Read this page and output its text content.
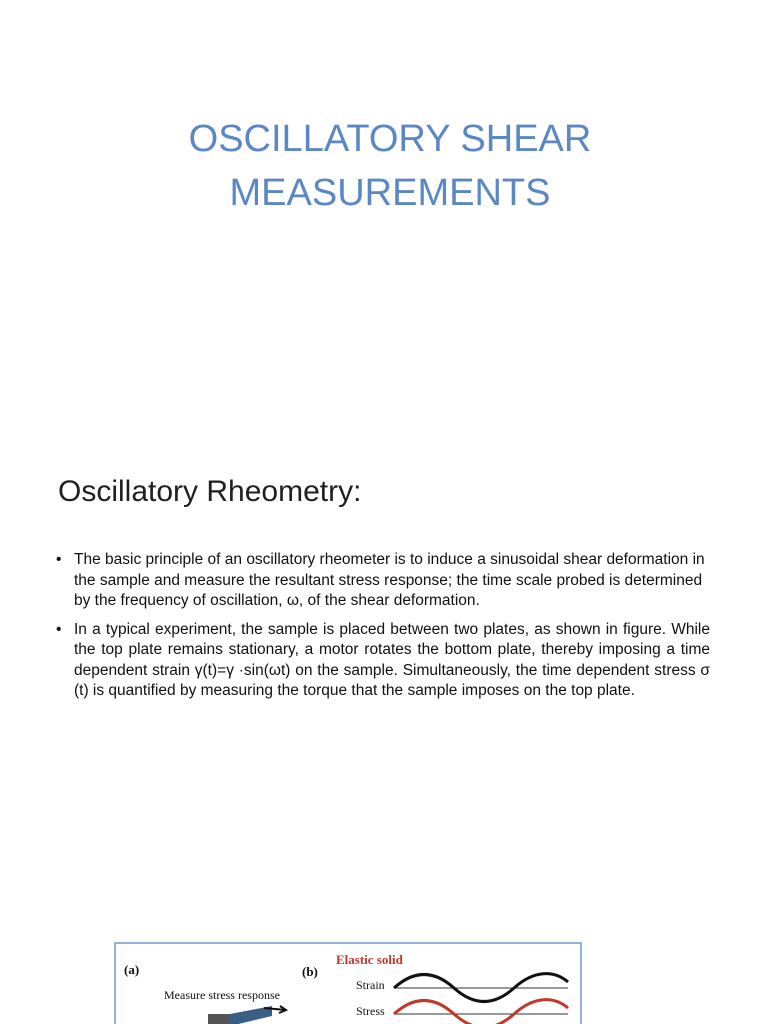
OSCILLATORY SHEAR MEASUREMENTS
Oscillatory Rheometry:
• The basic principle of an oscillatory rheometer is to induce a sinusoidal shear deformation in the sample and measure the resultant stress response; the time scale probed is determined by the frequency of oscillation, ω, of the shear deformation.
• In a typical experiment, the sample is placed between two plates, as shown in figure. While the top plate remains stationary, a motor rotates the bottom plate, thereby imposing a time dependent strain γ(t)=γ ·sin(ωt) on the sample. Simultaneously, the time dependent stress σ (t) is quantified by measuring the torque that the sample imposes on the top plate.
(a)	(b)
Measure stress response
Elastic solid
Strain
Stress
